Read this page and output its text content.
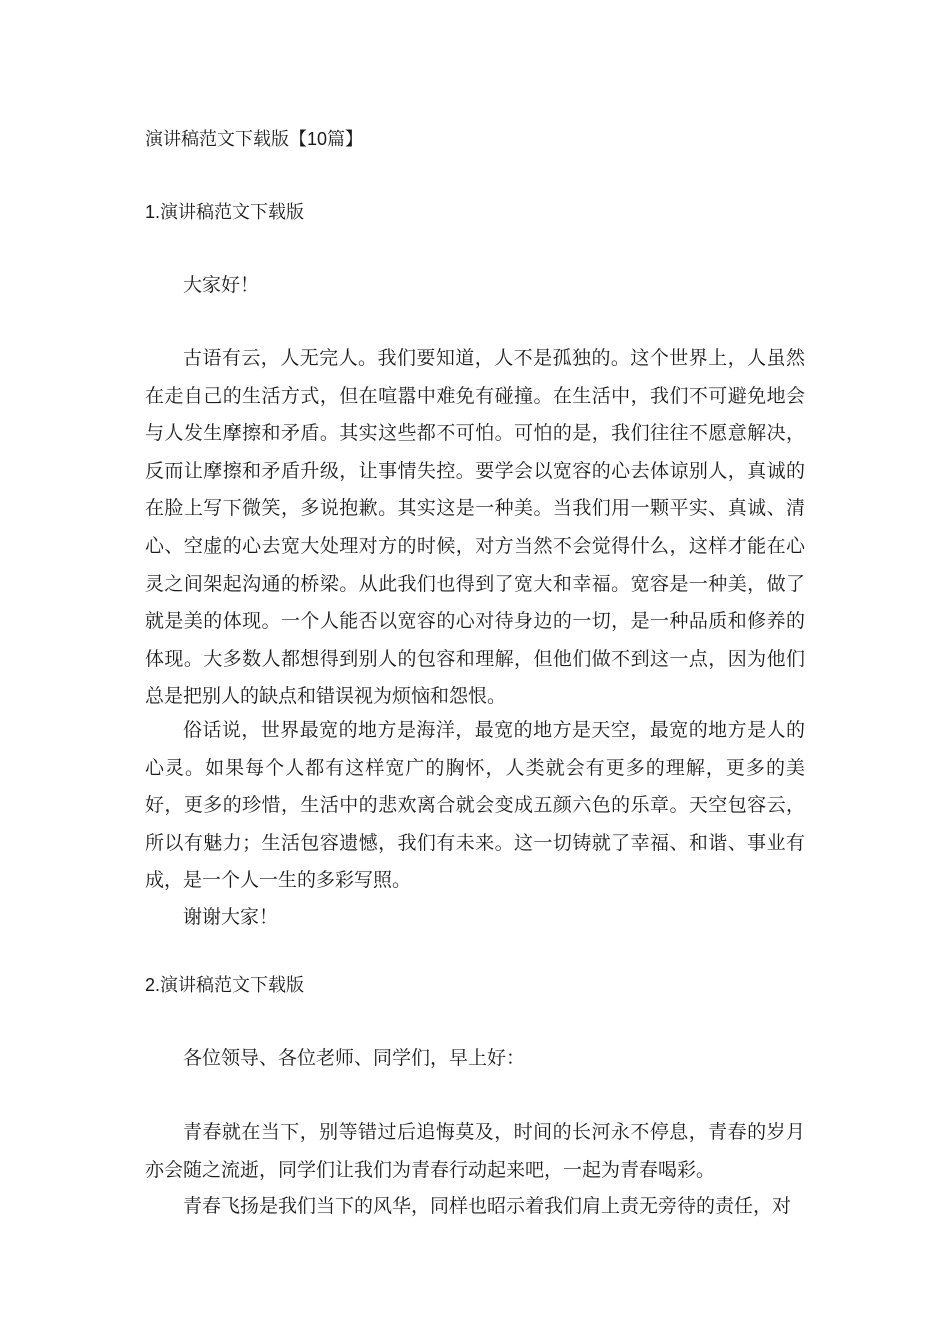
演讲稿范文下载版【10篇】
1.演讲稿范文下载版
大家好！

古语有云，人无完人。我们要知道，人不是孤独的。这个世界上，人虽然在走自己的生活方式，但在喧嚣中难免有碰撞。在生活中，我们不可避免地会与人发生摩擦和矛盾。其实这些都不可怕。可怕的是，我们往往不愿意解决，反而让摩擦和矛盾升级，让事情失控。要学会以宽容的心去体谅别人，真诚的在脸上写下微笑，多说抱歉。其实这是一种美。当我们用一颗平实、真诚、清心、空虚的心去宽大处理对方的时候，对方当然不会觉得什么，这样才能在心灵之间架起沟通的桥梁。从此我们也得到了宽大和幸福。宽容是一种美，做了就是美的体现。一个人能否以宽容的心对待身边的一切，是一种品质和修养的体现。大多数人都想得到别人的包容和理解，但他们做不到这一点，因为他们总是把别人的缺点和错误视为烦恼和怨恨。

俗话说，世界最宽的地方是海洋，最宽的地方是天空，最宽的地方是人的心灵。如果每个人都有这样宽广的胸怀，人类就会有更多的理解，更多的美好，更多的珍惜，生活中的悲欢离合就会变成五颜六色的乐章。天空包容云，所以有魅力；生活包容遗憾，我们有未来。这一切铸就了幸福、和谐、事业有成，是一个人一生的多彩写照。

谢谢大家！
2.演讲稿范文下载版
各位领导、各位老师、同学们，早上好：

青春就在当下，别等错过后追悔莫及，时间的长河永不停息，青春的岁月亦会随之流逝，同学们让我们为青春行动起来吧，一起为青春喝彩。

青春飞扬是我们当下的风华，同样也昭示着我们肩上责无旁待的责任，对
